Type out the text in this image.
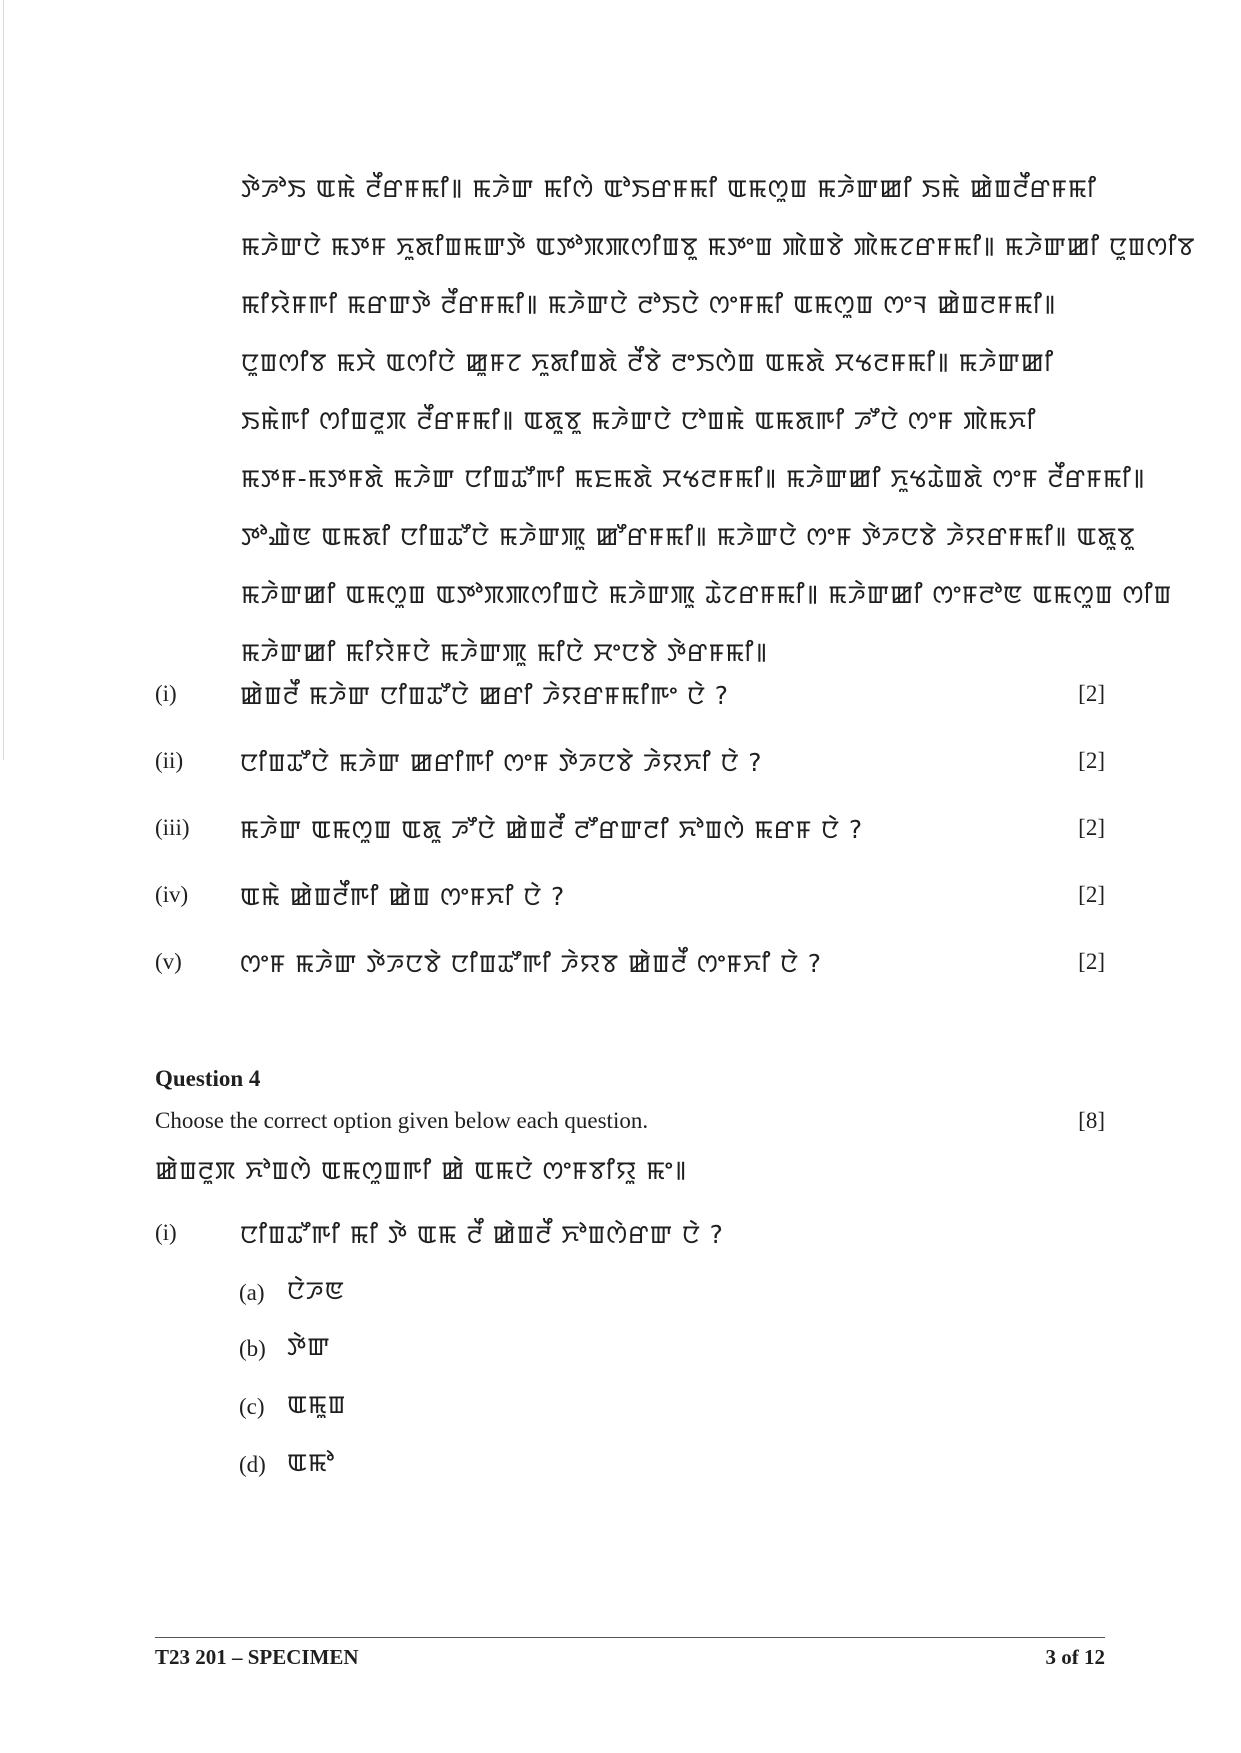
ꯇꯥꯍꯣꯏ ꯑꯃꯥ ꯂꯩꯔꯝꯃꯤ꯫ ꯃꯍꯥꯛ ꯃꯤꯁꯥ ꯑꯣꯏꯔꯝꯃꯤ ꯑꯃꯁꯨꯡ ꯃꯍꯥꯛꯀꯤ ꯏꯃꯥ ꯀꯥꯡꯂꯩꯔꯝꯃꯤ
ꯃꯍꯥꯛꯅꯥ ꯃꯇꯝ ꯈꯨꯗꯤꯡꯃꯛꯇꯥ ꯑꯇꯣꯞꯄꯁꯤꯡꯕꯨ ꯃꯇꯦꯡ ꯄꯥꯡꯕꯥ ꯄꯥꯃꯖꯔꯝꯃꯤ꯫ ꯃꯍꯥꯛꯀꯤ ꯅꯨꯡꯁꯤꯕ
ꯃꯤꯌꯥꯝꯒꯤ ꯃꯔꯛꯇꯥ ꯂꯩꯔꯝꯃꯤ꯫ ꯃꯍꯥꯛꯅꯥ ꯂꯣꯏꯅꯥ ꯁꯦꯝꯃꯤ ꯑꯃꯁꯨꯡ ꯁꯦꯜ ꯀꯥꯡꯂꯝꯃꯤ꯫
ꯅꯨꯡꯁꯤꯕ ꯃꯆꯥ ꯑꯁꯤꯅꯥ ꯀꯨꯝꯖ ꯈꯨꯗꯤꯡꯗꯥ ꯂꯩꯕꯥ ꯂꯦꯏꯁꯥꯡ ꯑꯃꯗꯥ ꯆꯠꯂꯝꯃꯤ꯫ ꯃꯍꯥꯛꯀꯤ
ꯏꯃꯥꯒꯤ ꯁꯤꯡꯂꯨꯞ ꯂꯩꯔꯝꯃꯤ꯫ ꯑꯗꯨꯕꯨ ꯃꯍꯥꯛꯅꯥ ꯅꯣꯡꯃꯥ ꯑꯃꯗꯒꯤ ꯍꯧꯅꯥ ꯁꯦꯝ ꯄꯥꯃꯈꯤ
ꯃꯇꯝ-ꯃꯇꯝꯗꯥ ꯃꯍꯥꯛ ꯅꯤꯡꯊꯧꯒꯤ ꯃꯐꯃꯗꯥ ꯆꯠꯂꯝꯃꯤ꯫ ꯃꯍꯥꯛꯀꯤ ꯈꯨꯠꯊꯥꯡꯗꯥ ꯁꯦꯝ ꯂꯩꯔꯝꯃꯤ꯫
ꯇꯣꯉꯥꯟ ꯑꯃꯗꯤ ꯅꯤꯡꯊꯧꯅꯥ ꯃꯍꯥꯛꯄꯨ ꯀꯧꯔꯝꯃꯤ꯫ ꯃꯍꯥꯛꯅꯥ ꯁꯦꯝ ꯇꯥꯍꯅꯕꯥ ꯍꯥꯌꯔꯝꯃꯤ꯫ ꯑꯗꯨꯕꯨ
ꯃꯍꯥꯛꯀꯤ ꯑꯃꯁꯨꯡ ꯑꯇꯣꯞꯄꯁꯤꯡꯅꯥ ꯃꯍꯥꯛꯄꯨ ꯊꯥꯖꯔꯝꯃꯤ꯫ ꯃꯍꯥꯛꯀꯤ ꯁꯦꯝꯂꯣꯟ ꯑꯃꯁꯨꯡ ꯁꯤꯡ
ꯃꯍꯥꯛꯀꯤ ꯃꯤꯌꯥꯝꯅꯥ ꯃꯍꯥꯛꯄꯨ ꯃꯤꯅꯥ ꯆꯦꯅꯕꯥ ꯇꯥꯔꯝꯃꯤ꯫
(i)	ꯀꯥꯡꯂꯩ ꯃꯍꯥꯛ ꯅꯤꯡꯊꯧꯅꯥ ꯀꯔꯤ ꯍꯥꯌꯔꯝꯃꯤꯒꯦ ꯅꯥ ?	[2]
(ii) ꯅꯤꯡꯊꯧꯅꯥ ꯃꯍꯥꯛ ꯀꯔꯤꯒꯤ ꯁꯦꯝ ꯇꯥꯍꯅꯕꯥ ꯍꯥꯌꯈꯤ ꯅꯥ ?	[2]
(iii) ꯃꯍꯥꯛ ꯑꯃꯁꯨꯡ ꯑꯗꯨ ꯍꯧꯅꯥ ꯀꯥꯡꯂꯩ ꯂꯧꯔꯛꯂꯤ ꯈꯣꯡꯁꯥ ꯃꯔꯝ ꯅꯥ ?	[2]
(iv) ꯑꯃꯥ ꯀꯥꯡꯂꯩꯒꯤ ꯀꯥꯡ ꯁꯦꯝꯈꯤ ꯅꯥ ?	[2]
(v) ꯁꯦꯝ ꯃꯍꯥꯛ ꯇꯥꯍꯅꯕꯥ ꯅꯤꯡꯊꯧꯒꯤ ꯍꯥꯌꯕ ꯀꯥꯡꯂꯩ ꯁꯦꯝꯈꯤ ꯅꯥ ?	[2]
Question 4
Choose the correct option given below each question.	[8]
ꯀꯥꯡꯂꯨꯞ ꯈꯣꯡꯁꯥ ꯑꯃꯁꯨꯡꯒꯤ ꯀꯥ ꯑꯃꯅꯥ ꯁꯦꯝꯕꯤꯌꯨ ꯃꯦ꯫
(i)	ꯅꯤꯡꯊꯧꯒꯤ ꯃꯤ ꯇꯥ ꯑꯃ ꯂꯩ ꯀꯥꯡꯂꯩ ꯈꯣꯡꯁꯥꯔꯛ ꯅꯥ ?
(a) ꯅꯥꯍꯟ
(b) ꯇꯥꯛ
(c) ꯑꯃꯨꯡ
(d) ꯑꯃꯣ
T23 201 – SPECIMEN	3 of 12
